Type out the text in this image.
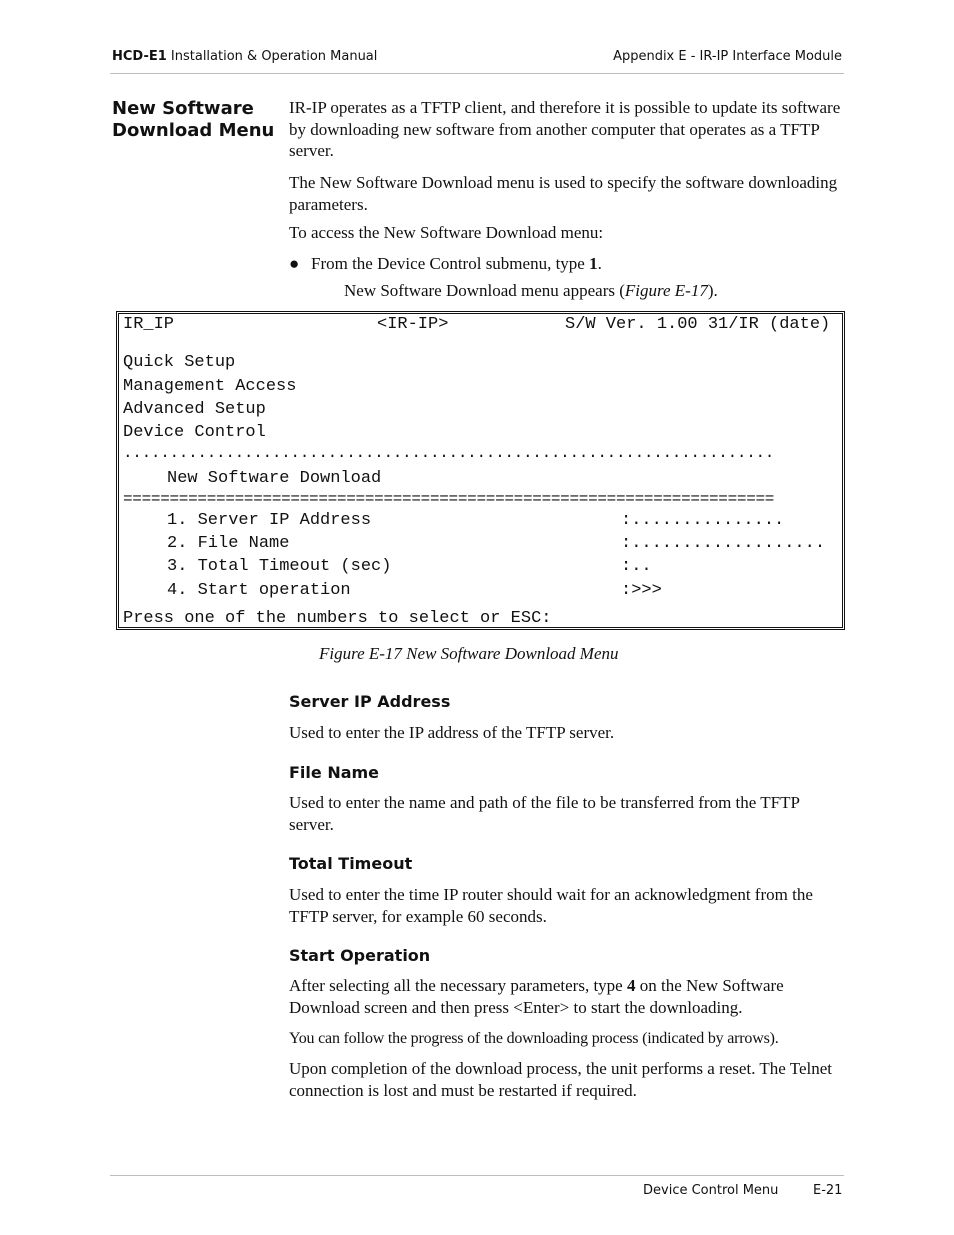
HCD-E1 Installation & Operation Manual	Appendix E - IR-IP Interface Module
New Software
Download Menu

IR-IP operates as a TFTP client, and therefore it is possible to update its software by downloading new software from another computer that operates as a TFTP server.

The New Software Download menu is used to specify the software downloading parameters.

To access the New Software Download menu:

● From the Device Control submenu, type 1.
New Software Download menu appears (Figure E-17).
IR_IP	<IR-IP>	S/W Ver. 1.00 31/IR (date)
Quick Setup
Management Access
Advanced Setup
Device Control
......................................................................
New Software Download
======================================================================
1. Server IP Address	:...............
2. File Name	:...................
3. Total Timeout (sec)	:..
4. Start operation	:>>>
Press one of the numbers to select or ESC:
Figure E-17 New Software Download Menu
Server IP Address

Used to enter the IP address of the TFTP server.

File Name

Used to enter the name and path of the file to be transferred from the TFTP server.

Total Timeout

Used to enter the time IP router should wait for an acknowledgment from the TFTP server, for example 60 seconds.

Start Operation

After selecting all the necessary parameters, type 4 on the New Software Download screen and then press <Enter> to start the downloading.

You can follow the progress of the downloading process (indicated by arrows).

Upon completion of the download process, the unit performs a reset. The Telnet connection is lost and must be restarted if required.

Device Control Menu	E-21
